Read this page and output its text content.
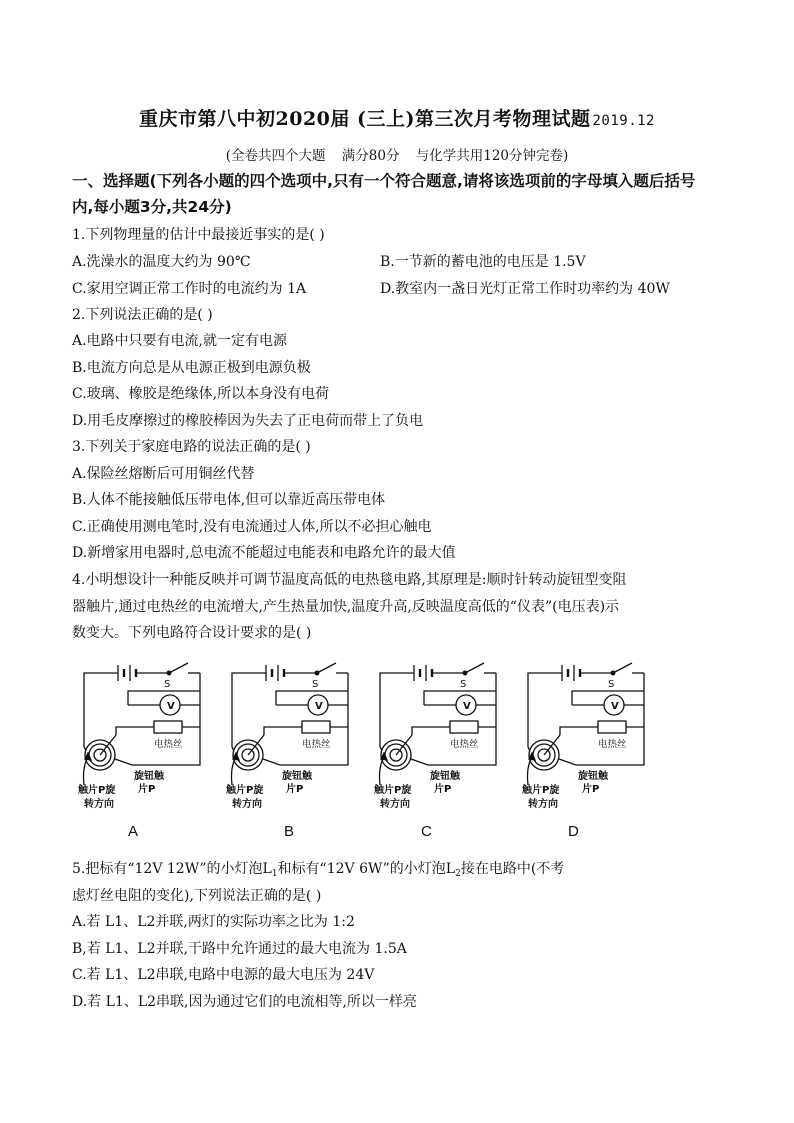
重庆市第八中初2020届 (三上)第三次月考物理试题 2019.12
(全卷共四个大题 满分80分 与化学共用120分钟完卷)
一、选择题(下列各小题的四个选项中,只有一个符合题意,请将该选项前的字母填入题后括号
内,每小题3分,共24分)
1.下列物理量的估计中最接近事实的是( )
A.洗澡水的温度大约为 90℃	B.一节新的蓄电池的电压是 1.5V
C.家用空调正常工作时的电流约为 1A	D.教室内一盏日光灯正常工作时功率约为 40W
2.下列说法正确的是( )
A.电路中只要有电流,就一定有电源
B.电流方向总是从电源正极到电源负极
C.玻璃、橡胶是绝缘体,所以本身没有电荷
D.用毛皮摩擦过的橡胶棒因为失去了正电荷而带上了负电
3.下列关于家庭电路的说法正确的是( )
A.保险丝熔断后可用铜丝代替
B.人体不能接触低压带电体,但可以靠近高压带电体
C.正确使用测电笔时,没有电流通过人体,所以不必担心触电
D.新增家用电器时,总电流不能超过电能表和电路允许的最大值
4.小明想设计一种能反映并可调节温度高低的电热毯电路,其原理是:顺时针转动旋钮型变阻
器触片,通过电热丝的电流增大,产生热量加快,温度升高,反映温度高低的“仪表”(电压表)示
数变大。下列电路符合设计要求的是( )
S
V
电热丝
旋钮触
片P
触片P旋
转方向
S
V
电热丝
旋钮触
片P
触片P旋
转方向
S
V
电热丝
旋钮触
片P
触片P旋
转方向
S
V
电热丝
旋钮触
片P
触片P旋
转方向
A	B	C	D
5.把标有“12V 12W”的小灯泡$L_1$和标有“12V 6W”的小灯泡$L_2$接在电路中(不考
虑灯丝电阻的变化),下列说法正确的是( )
A.若 L1、L2并联,两灯的实际功率之比为 1:2
B,若 L1、L2并联,干路中允许通过的最大电流为 1.5A
C.若 L1、L2串联,电路中电源的最大电压为 24V
D.若 L1、L2串联,因为通过它们的电流相等,所以一样亮
